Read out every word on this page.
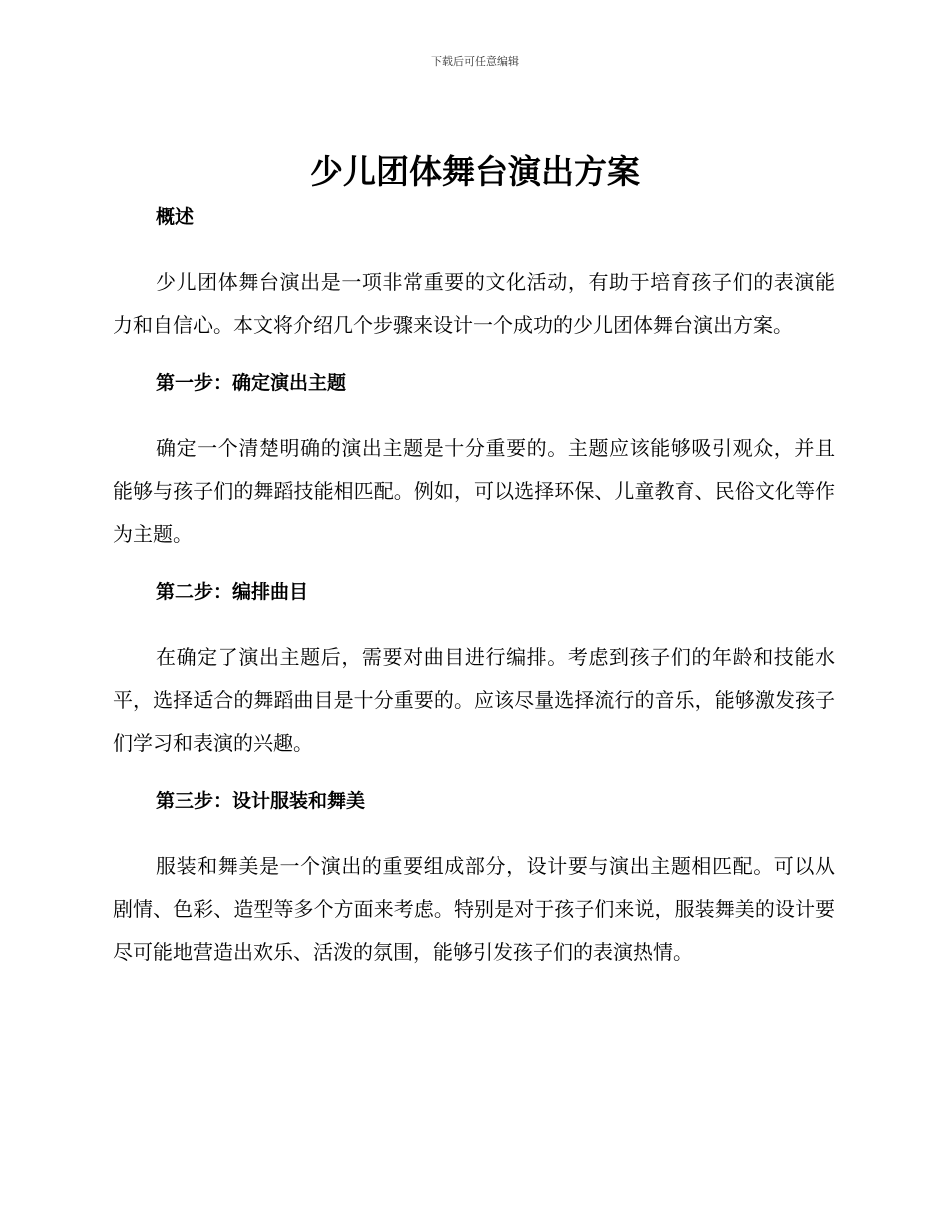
下载后可任意编辑
少儿团体舞台演出方案
概述

少儿团体舞台演出是一项非常重要的文化活动，有助于培育孩子们的表演能力和自信心。本文将介绍几个步骤来设计一个成功的少儿团体舞台演出方案。

第一步：确定演出主题

确定一个清楚明确的演出主题是十分重要的。主题应该能够吸引观众，并且能够与孩子们的舞蹈技能相匹配。例如，可以选择环保、儿童教育、民俗文化等作为主题。

第二步：编排曲目

在确定了演出主题后，需要对曲目进行编排。考虑到孩子们的年龄和技能水平，选择适合的舞蹈曲目是十分重要的。应该尽量选择流行的音乐，能够激发孩子们学习和表演的兴趣。

第三步：设计服装和舞美

服装和舞美是一个演出的重要组成部分，设计要与演出主题相匹配。可以从剧情、色彩、造型等多个方面来考虑。特别是对于孩子们来说，服装舞美的设计要尽可能地营造出欢乐、活泼的氛围，能够引发孩子们的表演热情。
